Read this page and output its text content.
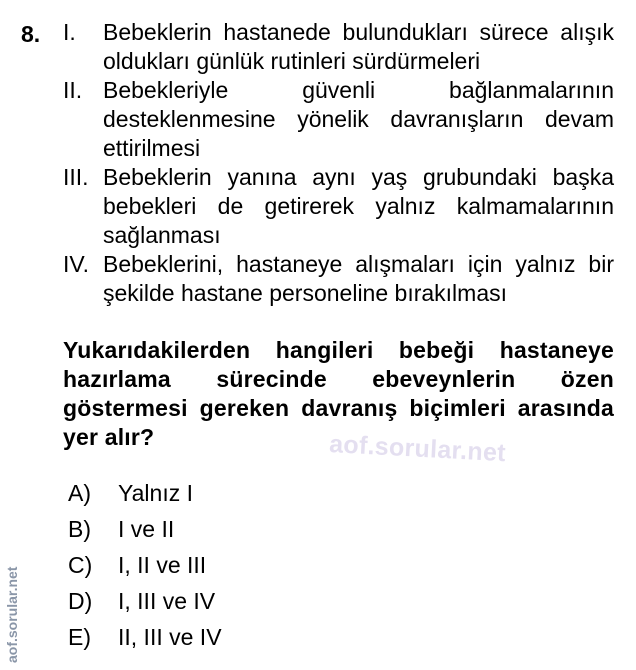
8. I.	Bebeklerin hastanede bulundukları sürece alışık oldukları günlük rutinleri sürdürmeleri
II. Bebekleriyle güvenli bağlanmalarının desteklenmesine yönelik davranışların devam ettirilmesi
III. Bebeklerin yanına aynı yaş grubundaki başka bebekleri de getirerek yalnız kalmamalarının sağlanması
IV. Bebeklerini, hastaneye alışmaları için yalnız bir şekilde hastane personeline bırakılması
Yukarıdakilerden hangileri bebeği hastaneye hazırlama sürecinde ebeveynlerin özen göstermesi gereken davranış biçimleri arasında yer alır?	aof.sorular.net
A)	Yalnız I
B)	I ve II
C)	I, II ve III
D)	I, III ve IV
E)	II, III ve IV
aof.sorular.net
